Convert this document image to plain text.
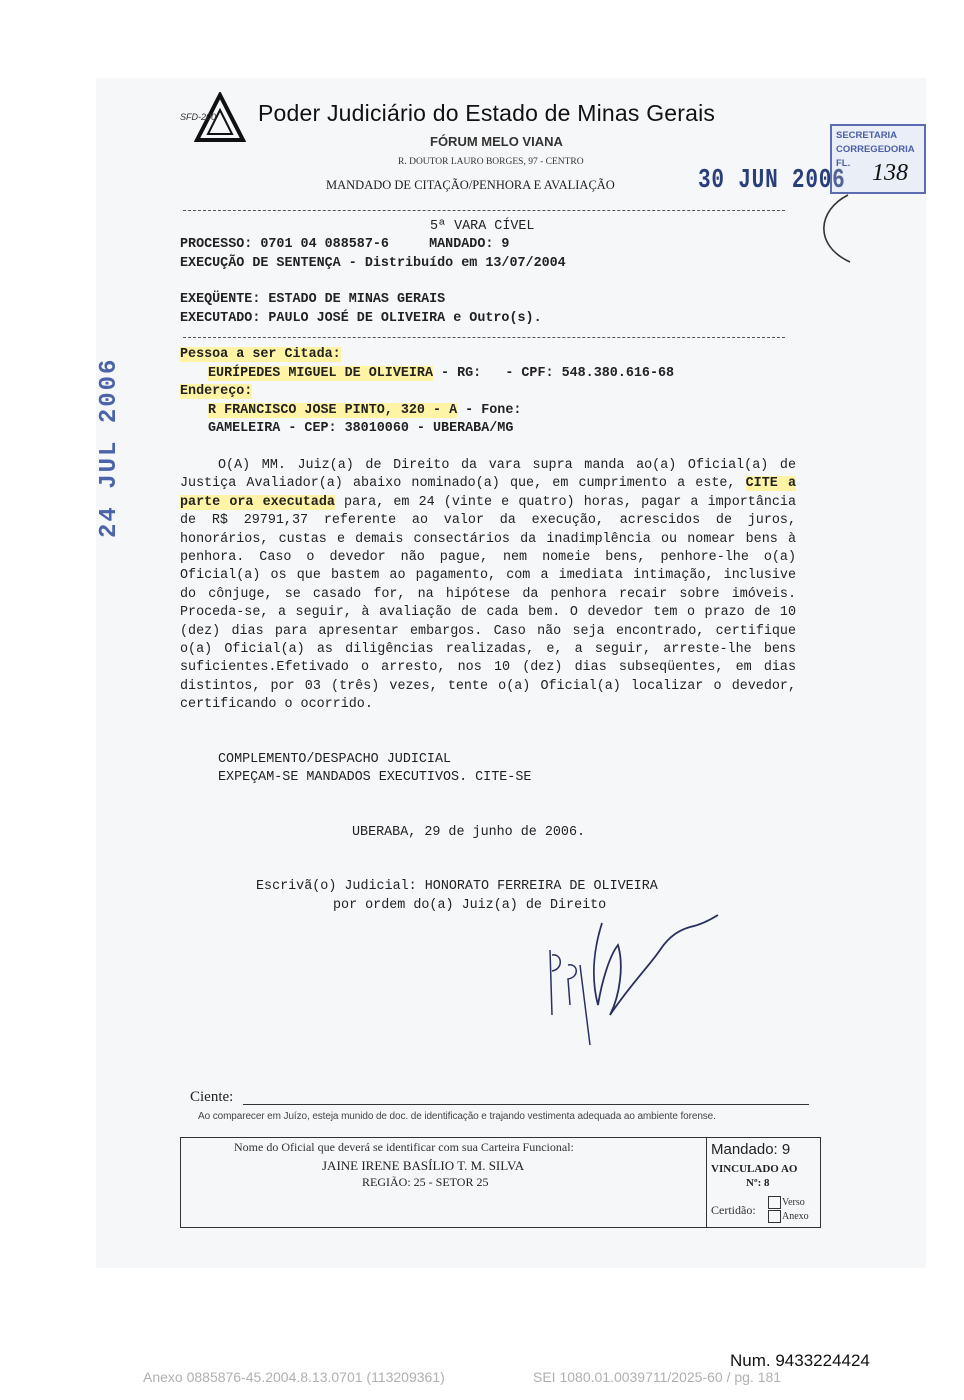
SFD-200 Poder Judiciário do Estado de Minas Gerais
FÓRUM MELO VIANA
R. DOUTOR LAURO BORGES, 97 - CENTRO
MANDADO DE CITAÇÃO/PENHORA E AVALIAÇÃO	30 JUN 2006
SECRETARIA
CORREGEDORIA
FL. 138
24 JUL 2006
5ª VARA CÍVEL
PROCESSO: 0701 04 088587-6     MANDADO: 9
EXECUÇÃO DE SENTENÇA - Distribuído em 13/07/2004
EXEQÜENTE: ESTADO DE MINAS GERAIS
EXECUTADO: PAULO JOSÉ DE OLIVEIRA e Outro(s).
Pessoa a ser Citada:
EURÍPEDES MIGUEL DE OLIVEIRA - RG:   - CPF: 548.380.616-68
Endereço:
R FRANCISCO JOSE PINTO, 320 - A - Fone:
GAMELEIRA - CEP: 38010060 - UBERABA/MG
O(A) MM. Juiz(a) de Direito da vara supra manda ao(a) Oficial(a) de Justiça Avaliador(a) abaixo nominado(a) que, em cumprimento a este, CITE a parte ora executada para, em 24 (vinte e quatro) horas, pagar a importância de R$ 29791,37 referente ao valor da execução, acrescidos de juros, honorários, custas e demais consectários da inadimplência ou nomear bens à penhora. Caso o devedor não pague, nem nomeie bens, penhore-lhe o(a) Oficial(a) os que bastem ao pagamento, com a imediata intimação, inclusive do cônjuge, se casado for, na hipótese da penhora recair sobre imóveis. Proceda-se, a seguir, à avaliação de cada bem. O devedor tem o prazo de 10 (dez) dias para apresentar embargos. Caso não seja encontrado, certifique o(a) Oficial(a) as diligências realizadas, e, a seguir, arreste-lhe bens suficientes.Efetivado o arresto, nos 10 (dez) dias subseqüentes, em dias distintos, por 03 (três) vezes, tente o(a) Oficial(a) localizar o devedor, certificando o ocorrido.
COMPLEMENTO/DESPACHO JUDICIAL
EXPEÇAM-SE MANDADOS EXECUTIVOS. CITE-SE
UBERABA, 29 de junho de 2006.
Escrivã(o) Judicial: HONORATO FERREIRA DE OLIVEIRA
por ordem do(a) Juiz(a) de Direito
Ciente:
Ao comparecer em Juízo, esteja munido de doc. de identificação e trajando vestimenta adequada ao ambiente forense.
Nome do Oficial que deverá se identificar com sua Carteira Funcional:
JAINE IRENE BASÍLIO T. M. SILVA
REGIÃO: 25 - SETOR 25
Mandado: 9
VINCULADO AO
Nº: 8
Certidão:
Verso
Anexo
Num. 9433224424
Anexo 0885876-45.2004.8.13.0701 (113209361)	SEI 1080.01.0039711/2025-60 / pg. 181
